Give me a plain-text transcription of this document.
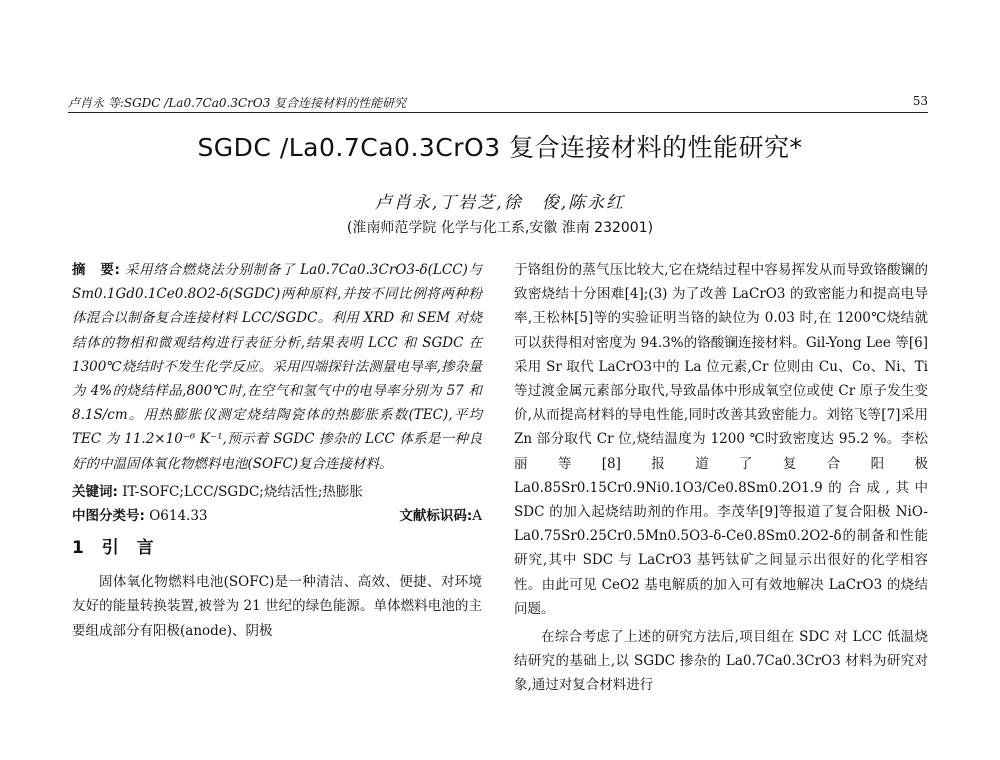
卢肖永 等:SGDC /La0.7Ca0.3CrO3 复合连接材料的性能研究	53
SGDC /La0.7Ca0.3CrO3 复合连接材料的性能研究*
卢肖永,丁岩芝,徐　俊,陈永红
(淮南师范学院 化学与化工系,安徽 淮南 232001)

摘　要: 采用络合燃烧法分别制备了 La0.7Ca0.3CrO3-δ(LCC)与 Sm0.1Gd0.1Ce0.8O2-δ(SGDC)两种原料,并按不同比例将两种粉体混合以制备复合连接材料 LCC/SGDC。利用 XRD 和 SEM 对烧结体的物相和微观结构进行表征分析,结果表明 LCC 和 SGDC 在 1300℃烧结时不发生化学反应。采用四端探针法测量电导率,掺杂量为 4%的烧结样品,800℃时,在空气和氢气中的电导率分别为 57 和 8.1S/cm。用热膨胀仪测定烧结陶瓷体的热膨胀系数(TEC),平均 TEC 为 11.2×10⁻⁶ K⁻¹,预示着 SGDC 掺杂的 LCC 体系是一种良好的中温固体氧化物燃料电池(SOFC)复合连接材料。

关键词: IT-SOFC;LCC/SGDC;烧结活性;热膨胀

中图分类号: O614.33	文献标识码:A
1 引 言

固体氧化物燃料电池(SOFC)是一种清洁、高效、便捷、对环境友好的能量转换装置,被誉为 21 世纪的绿色能源。单体燃料电池的主要组成部分有阳极(anode)、阴极

于铬组份的蒸气压比较大,它在烧结过程中容易挥发从而导致铬酸镧的致密烧结十分困难[4];(3) 为了改善 LaCrO3 的致密能力和提高电导率,王松林[5]等的实验证明当铬的缺位为 0.03 时,在 1200℃烧结就可以获得相对密度为 94.3%的铬酸镧连接材料。Gil-Yong Lee 等[6]采用 Sr 取代 LaCrO3中的 La 位元素,Cr 位则由 Cu、Co、Ni、Ti 等过渡金属元素部分取代,导致晶体中形成氧空位或使 Cr 原子发生变价,从而提高材料的导电性能,同时改善其致密能力。刘铭飞等[7]采用 Zn 部分取代 Cr 位,烧结温度为 1200 ℃时致密度达 95.2 %。李松丽等[8]报道了复合阳极 La0.85Sr0.15Cr0.9Ni0.1O3/Ce0.8Sm0.2O1.9的合成,其中 SDC 的加入起烧结助剂的作用。李茂华[9]等报道了复合阳极 NiO-La0.75Sr0.25Cr0.5Mn0.5O3-δ-Ce0.8Sm0.2O2-δ的制备和性能研究,其中 SDC 与 LaCrO3 基钙钛矿之间显示出很好的化学相容性。由此可见 CeO2 基电解质的加入可有效地解决 LaCrO3 的烧结问题。

在综合考虑了上述的研究方法后,项目组在 SDC 对 LCC 低温烧结研究的基础上,以 SGDC 掺杂的 La0.7Ca0.3CrO3 材料为研究对象,通过对复合材料进行
